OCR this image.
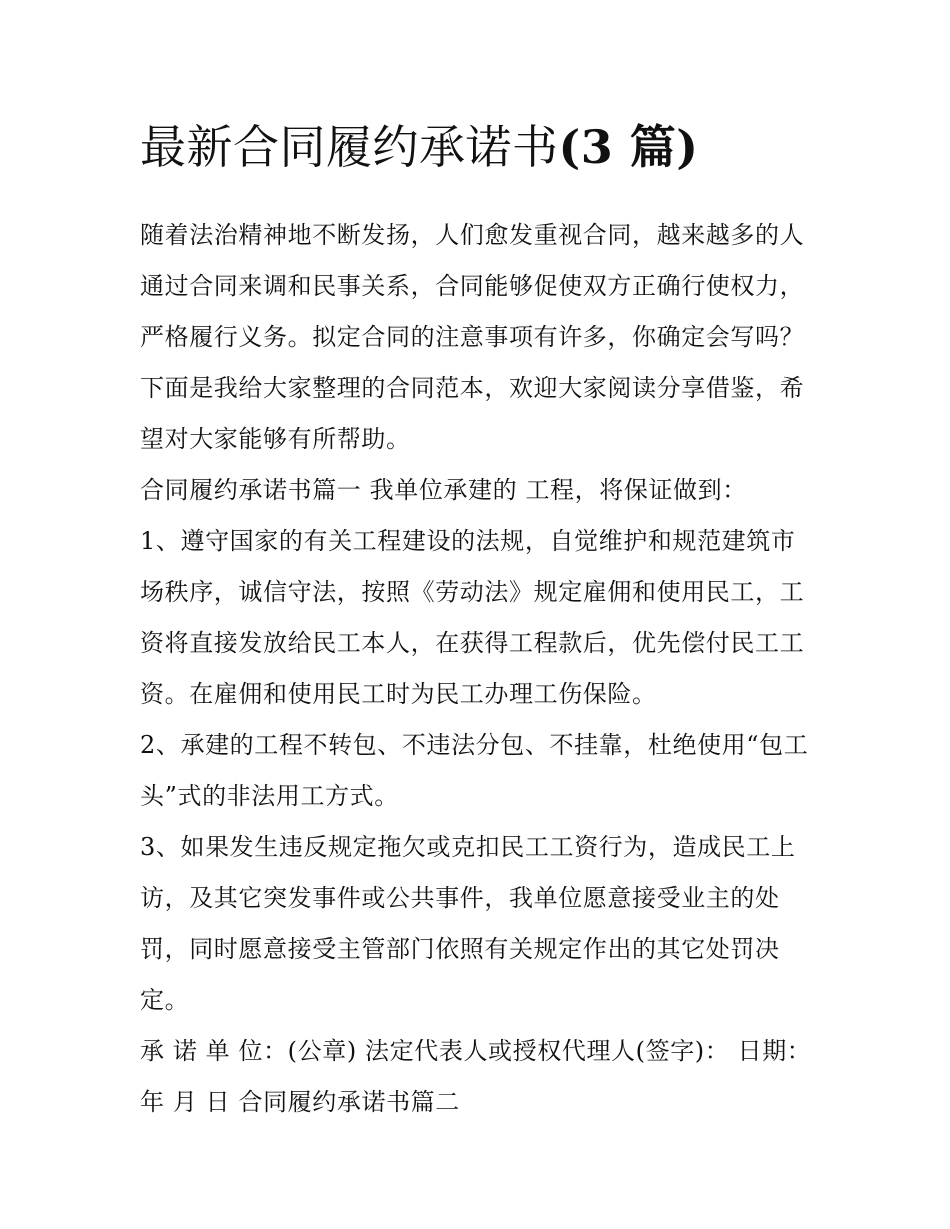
最新合同履约承诺书(3 篇)

随着法治精神地不断发扬，人们愈发重视合同，越来越多的人通过合同来调和民事关系，合同能够促使双方正确行使权力，严格履行义务。拟定合同的注意事项有许多，你确定会写吗？下面是我给大家整理的合同范本，欢迎大家阅读分享借鉴，希望对大家能够有所帮助。

合同履约承诺书篇一 我单位承建的 工程，将保证做到：

1、遵守国家的有关工程建设的法规，自觉维护和规范建筑市场秩序，诚信守法，按照《劳动法》规定雇佣和使用民工，工资将直接发放给民工本人，在获得工程款后，优先偿付民工工资。在雇佣和使用民工时为民工办理工伤保险。

2、承建的工程不转包、不违法分包、不挂靠，杜绝使用“包工头”式的非法用工方式。

3、如果发生违反规定拖欠或克扣民工工资行为，造成民工上访，及其它突发事件或公共事件，我单位愿意接受业主的处罚，同时愿意接受主管部门依照有关规定作出的其它处罚决定。

承 诺 单 位：(公章) 法定代表人或授权代理人(签字)： 日期：年 月 日 合同履约承诺书篇二
